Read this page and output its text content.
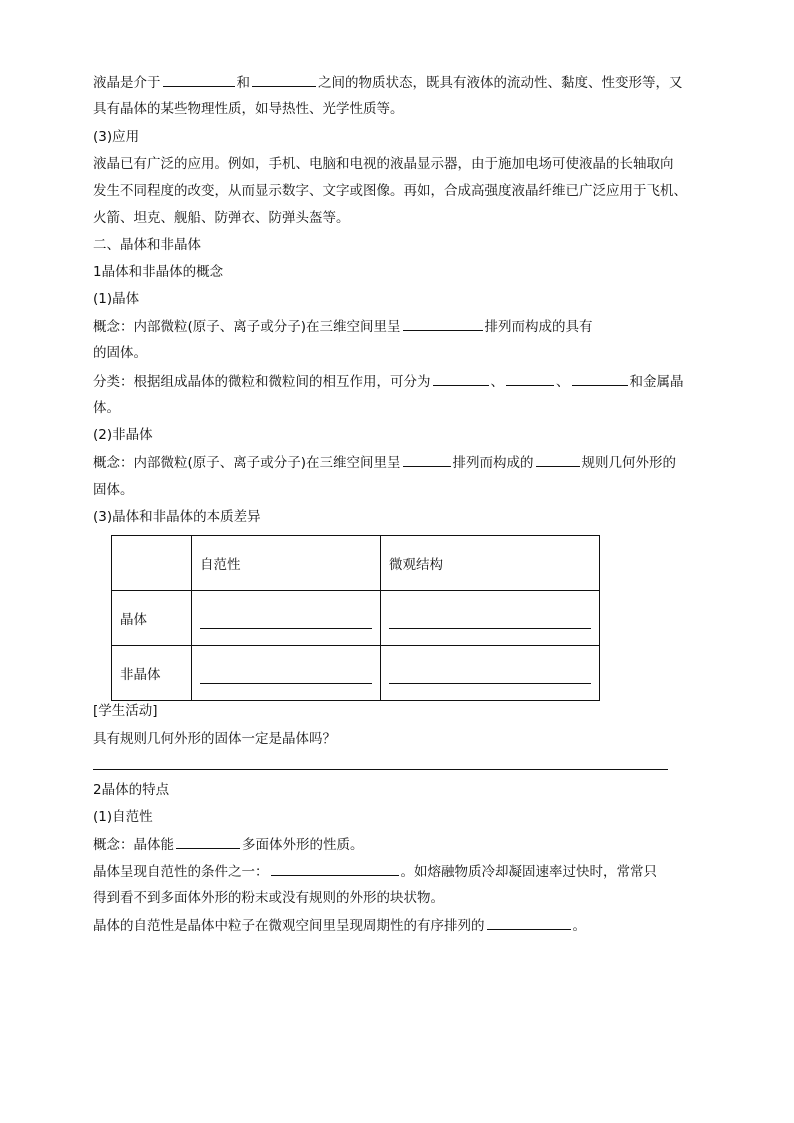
液晶是介于	和	之间的物质状态，既具有液体的流动性、黏度、性变形等，又
具有晶体的某些物理性质，如导热性、光学性质等。
(3)应用
液晶已有广泛的应用。例如，手机、电脑和电视的液晶显示器，由于施加电场可使液晶的长轴取向
发生不同程度的改变，从而显示数字、文字或图像。再如，合成高强度液晶纤维已广泛应用于飞机、
火箭、坦克、舰船、防弹衣、防弹头盔等。
二、晶体和非晶体
1晶体和非晶体的概念
(1)晶体
概念：内部微粒(原子、离子或分子)在三维空间里呈	排列而构成的具有
的固体。
分类：根据组成晶体的微粒和微粒间的相互作用，可分为	、	、	和金属晶
体。
(2)非晶体
概念：内部微粒(原子、离子或分子)在三维空间里呈	排列而构成的	规则几何外形的
固体。
(3)晶体和非晶体的本质差异
	自范性	微观结构
晶体	

非晶体	

[学生活动]
具有规则几何外形的固体一定是晶体吗？
2晶体的特点
(1)自范性
概念：晶体能	多面体外形的性质。
晶体呈现自范性的条件之一：	。如熔融物质冷却凝固速率过快时，常常只
得到看不到多面体外形的粉末或没有规则的外形的块状物。
晶体的自范性是晶体中粒子在微观空间里呈现周期性的有序排列的	。
